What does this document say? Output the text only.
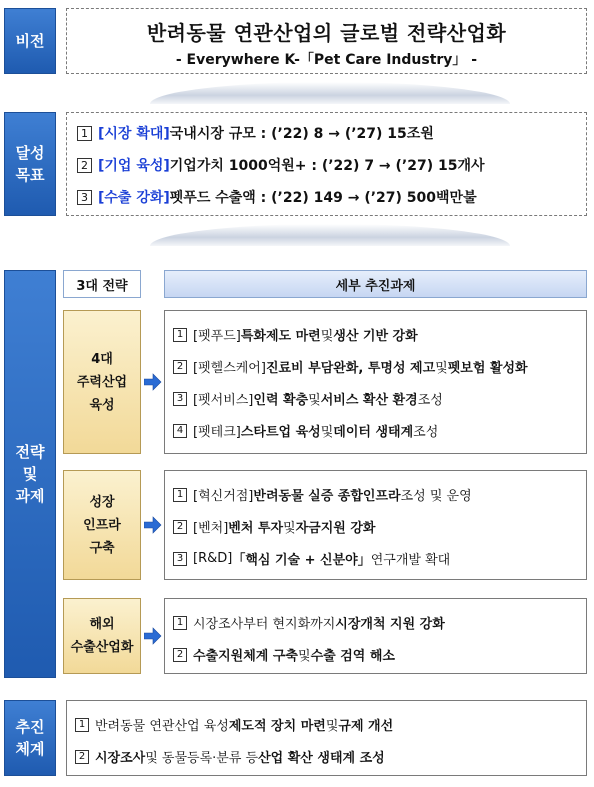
비전	반려동물 연관산업의 글로벌 전략산업화
- Everywhere K-「Pet Care Industry」 -
달성
목표
1 [시장 확대] 국내시장 규모 : (’22) 8 → (’27) 15조원
2 [기업 육성] 기업가치 1000억원+ : (’22) 7 → (’27) 15개사
3 [수출 강화] 펫푸드 수출액 : (’22) 149 → (’27) 500백만불
전략
및
과제
3대 전략	세부 추진과제
4대
주력산업
육성
1 [펫푸드] 특화제도 마련 및 생산 기반 강화
2 [펫헬스케어] 진료비 부담완화, 투명성 제고 및 펫보험 활성화
3 [펫서비스] 인력 확충 및 서비스 확산 환경 조성
4 [펫테크] 스타트업 육성 및 데이터 생태계 조성
성장
인프라
구축
1 [혁신거점] 반려동물 실증 종합인프라 조성 및 운영
2 [벤처] 벤처 투자 및 자금지원 강화
3 [R&D] 「핵심 기술 + 신분야」 연구개발 확대
해외
수출산업화
1 시장조사부터 현지화까지 시장개척 지원 강화
2 수출지원체계 구축 및 수출 검역 해소
추진
체계
1 반려동물 연관산업 육성 제도적 장치 마련 및 규제 개선
2 시장조사 및 동물등록·분류 등 산업 확산 생태계 조성
